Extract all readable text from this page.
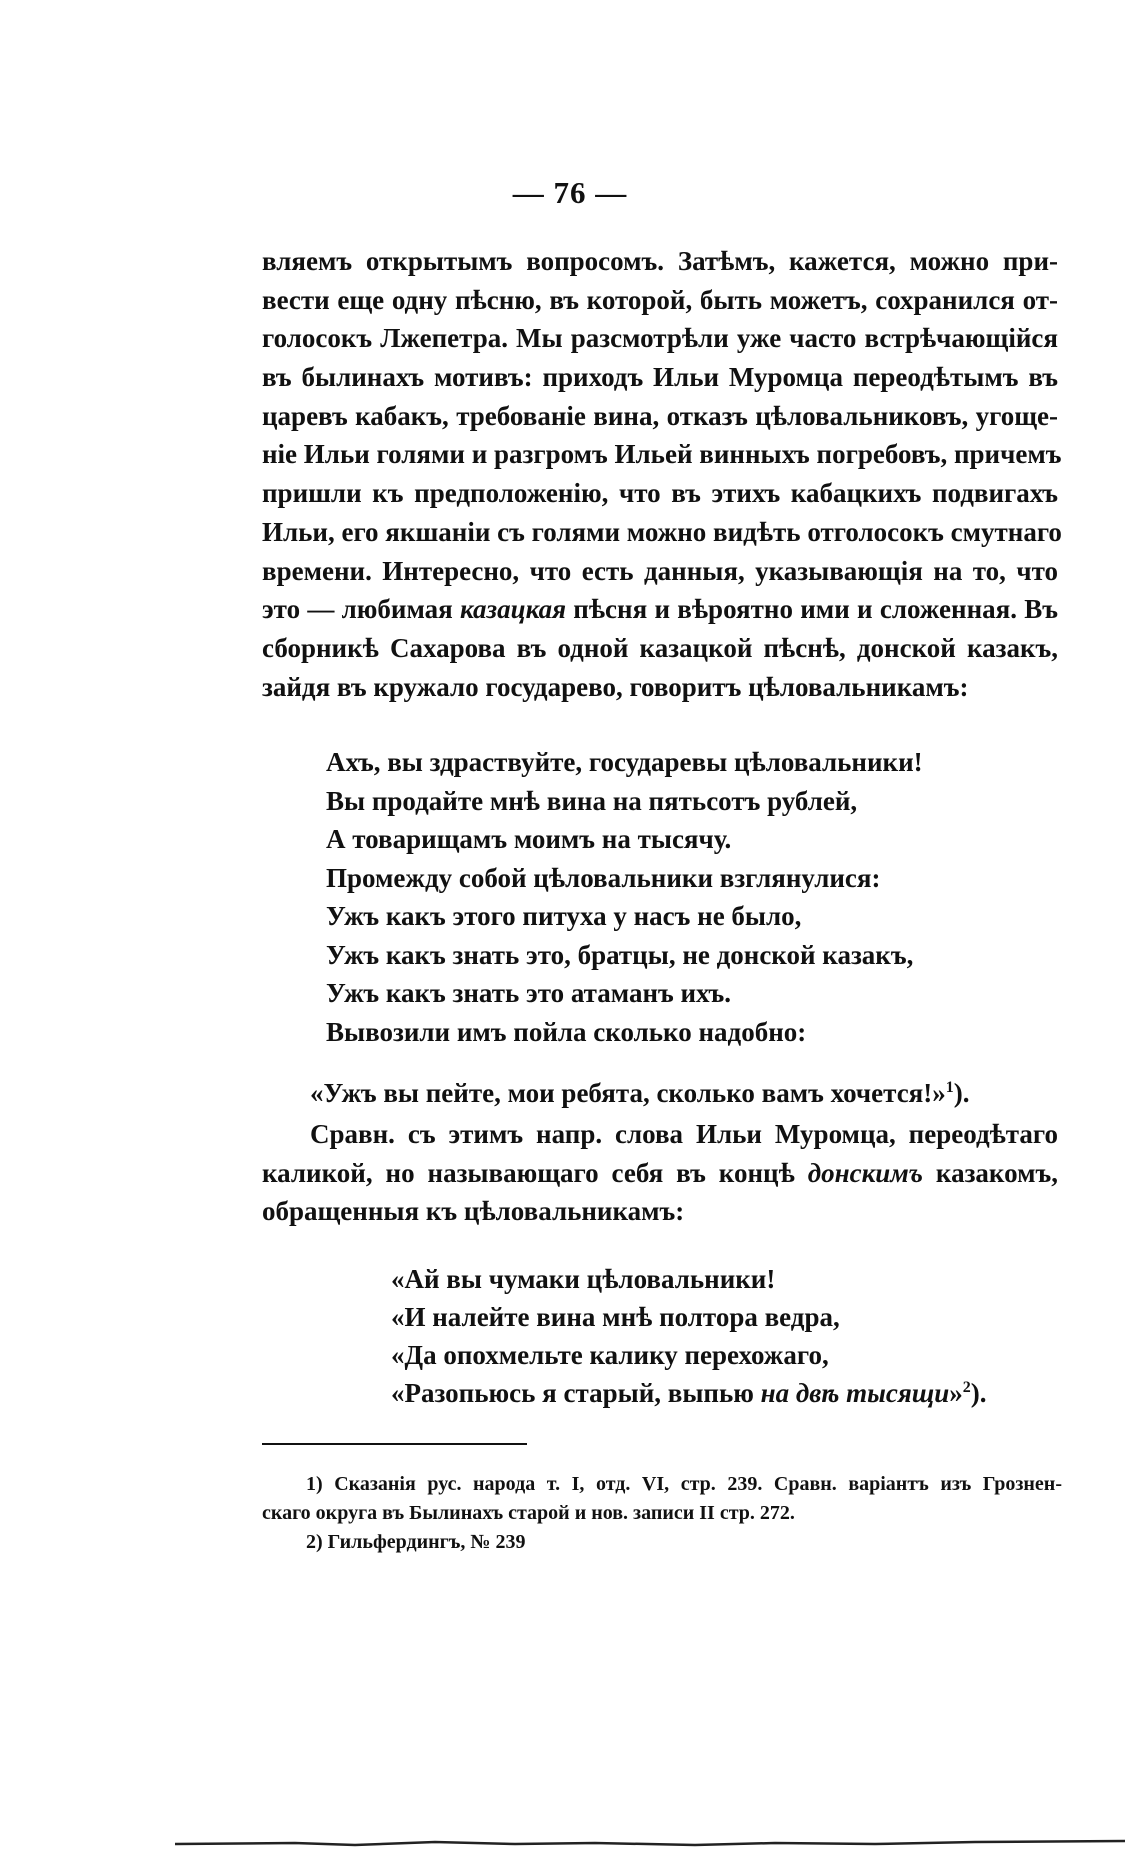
— 76 —
вляемъ открытымъ вопросомъ. Затѣмъ, кажется, можно при-
вести еще одну пѣсню, въ которой, быть можетъ, сохранился от-
голосокъ Лжепетра. Мы разсмотрѣли уже часто встрѣчающійся
въ былинахъ мотивъ: приходъ Ильи Муромца переодѣтымъ въ
царевъ кабакъ, требованіе вина, отказъ цѣловальниковъ, угоще-
ніе Ильи голями и разгромъ Ильей винныхъ погребовъ, причемъ
пришли къ предположенію, что въ этихъ кабацкихъ подвигахъ
Ильи, его якшаніи съ голями можно видѣть отголосокъ смутнаго
времени. Интересно, что есть данныя, указывающія на то, что
это — любимая казацкая пѣсня и вѣроятно ими и сложенная. Въ
сборникѣ Сахарова въ одной казацкой пѣснѣ, донской казакъ,
зайдя въ кружало государево, говоритъ цѣловальникамъ:
Ахъ, вы здраствуйте, государевы цѣловальники!
Вы продайте мнѣ вина на пятьсотъ рублей,
А товарищамъ моимъ на тысячу.
Промежду собой цѣловальники взглянулися:
Ужъ какъ этого питуха у насъ не было,
Ужъ какъ знать это, братцы, не донской казакъ,
Ужъ какъ знать это атаманъ ихъ.
Вывозили имъ пойла сколько надобно:
«Ужъ вы пейте, мои ребята, сколько вамъ хочется!»$^1$).
Сравн. съ этимъ напр. слова Ильи Муромца, переодѣтаго
каликой, но называющаго себя въ концѣ донскимъ казакомъ,
обращенныя къ цѣловальникамъ:
«Ай вы чумаки цѣловальники!
«И налейте вина мнѣ полтора ведра,
«Да опохмельте калику перехожаго,
«Разопьюсь я старый, выпью на двѣ тысящи»$^2$).
1) Сказанія рус. народа т. I, отд. VI, стр. 239. Сравн. варіантъ изъ Грознен-
скаго округа въ Былинахъ старой и нов. записи II стр. 272.
2) Гильфердингъ, № 239
